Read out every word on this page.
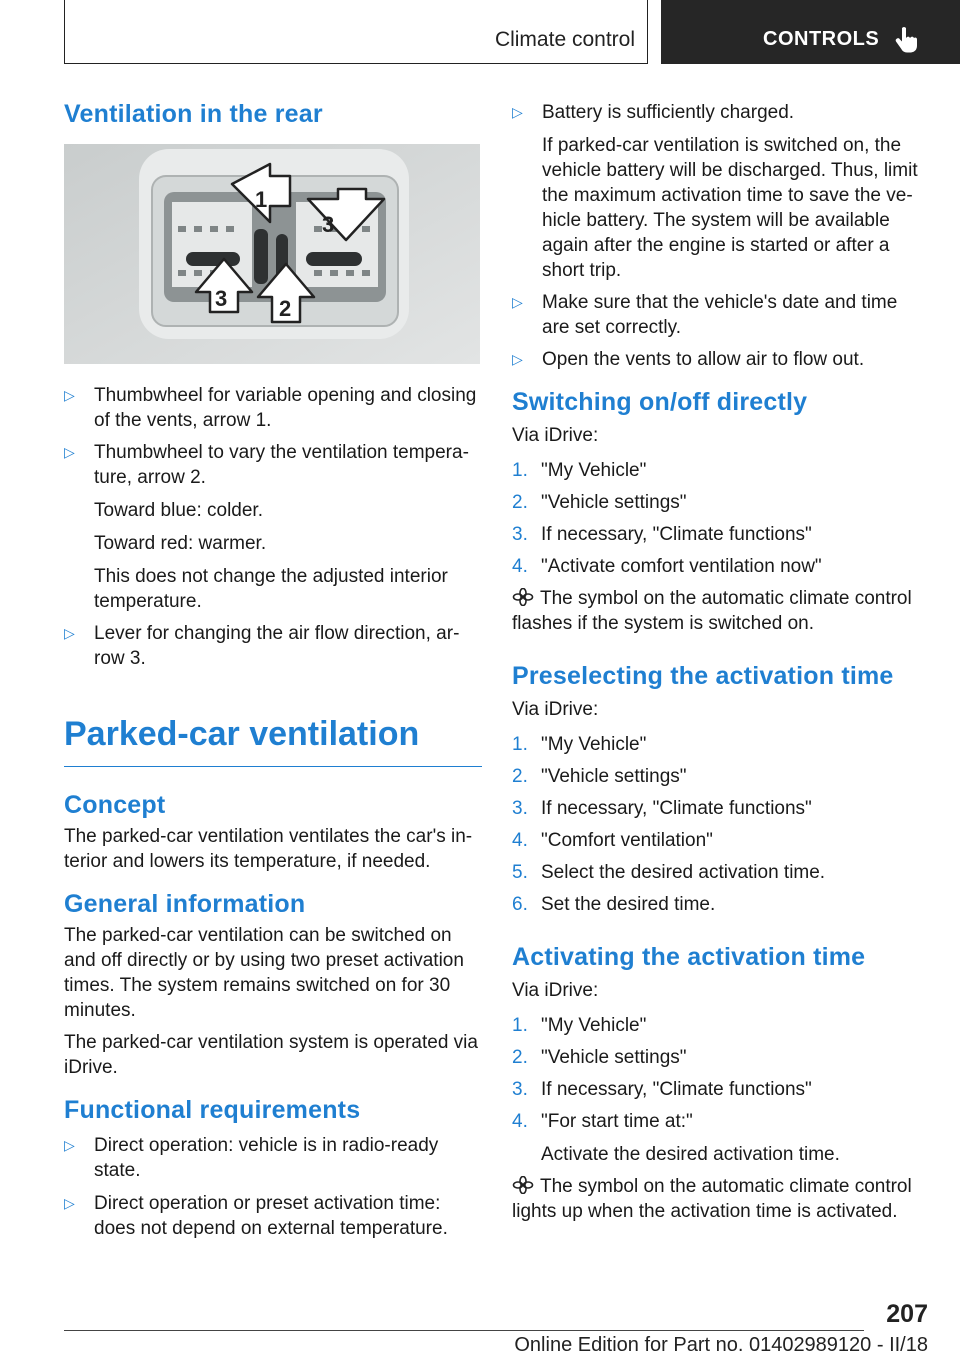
Climate control	CONTROLS
Ventilation in the rear
1
2
3
3
▷ Thumbwheel for variable opening and closing of the vents, arrow 1.
▷ Thumbwheel to vary the ventilation tempera-ture, arrow 2.

Toward blue: colder.

Toward red: warmer.

This does not change the adjusted interior temperature.

▷ Lever for changing the air flow direction, ar-row 3.
Parked-car ventilation
Concept

The parked-car ventilation ventilates the car's in-terior and lowers its temperature, if needed.

General information

The parked-car ventilation can be switched on and off directly or by using two preset activation times. The system remains switched on for 30 minutes.

The parked-car ventilation system is operated via iDrive.

Functional requirements
▷ Direct operation: vehicle is in radio-ready state.
▷ Direct operation or preset activation time: does not depend on external temperature.
▷ Battery is sufficiently charged.

If parked-car ventilation is switched on, the vehicle battery will be discharged. Thus, limit the maximum activation time to save the ve-hicle battery. The system will be available again after the engine is started or after a short trip.

▷ Make sure that the vehicle's date and time are set correctly.
▷ Open the vents to allow air to flow out.
Switching on/off directly

Via iDrive:

1. "My Vehicle"
2. "Vehicle settings"
3. If necessary, "Climate functions"
4. "Activate comfort ventilation now"

The symbol on the automatic climate control flashes if the system is switched on.

Preselecting the activation time

Via iDrive:

1. "My Vehicle"
2. "Vehicle settings"
3. If necessary, "Climate functions"
4. "Comfort ventilation"
5. Select the desired activation time.
6. Set the desired time.
Activating the activation time

Via iDrive:

1. "My Vehicle"
2. "Vehicle settings"
3. If necessary, "Climate functions"
4. "For start time at:"

Activate the desired activation time.

The symbol on the automatic climate control lights up when the activation time is activated.

207
Online Edition for Part no. 01402989120 - II/18
